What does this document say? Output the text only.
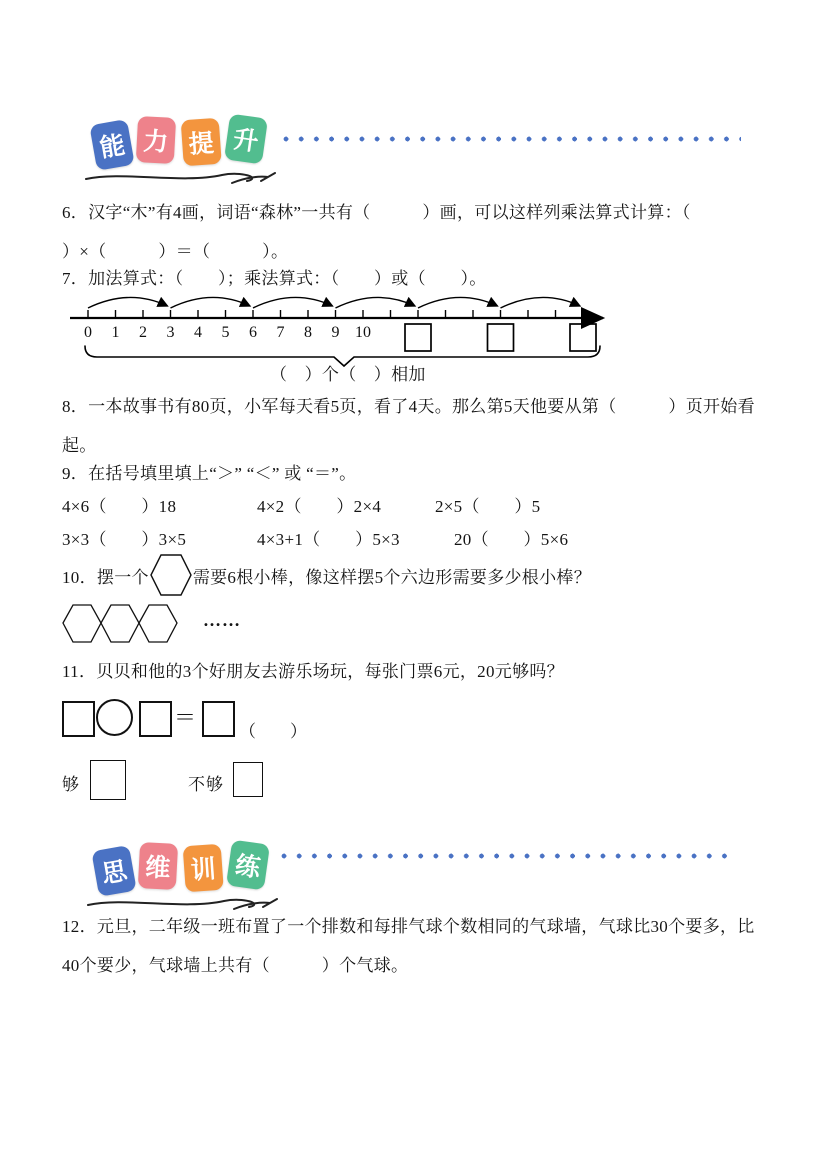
能 力 提 升
6．汉字“木”有4画，词语“森林”一共有（　　　）画，可以这样列乘法算式计算：（
）×（　　　）＝（　　　）。
7．加法算式：（　　）；乘法算式：（　　）或（　　）。
0 1 2 3 4 5 6 7 8 9 10
（　）个（　）相加
8．一本故事书有80页，小军每天看5页，看了4天。那么第5天他要从第（　　　）页开始看
起。
9．在括号填里填上“＞” “＜” 或 “＝”。
4×6（　　）18	4×2（　　）2×4	2×5（　　）5
3×3（　　）3×5	4×3+1（　　）5×3	20（　　）5×6
10．摆一个	需要6根小棒，像这样摆5个六边形需要多少根小棒？
……
11．贝贝和他的3个好朋友去游乐场玩，每张门票6元，20元够吗？
＝
（　　）
够	不够
思 维 训 练
12．元旦，二年级一班布置了一个排数和每排气球个数相同的气球墙，气球比30个要多，比
40个要少，气球墙上共有（　　　）个气球。
